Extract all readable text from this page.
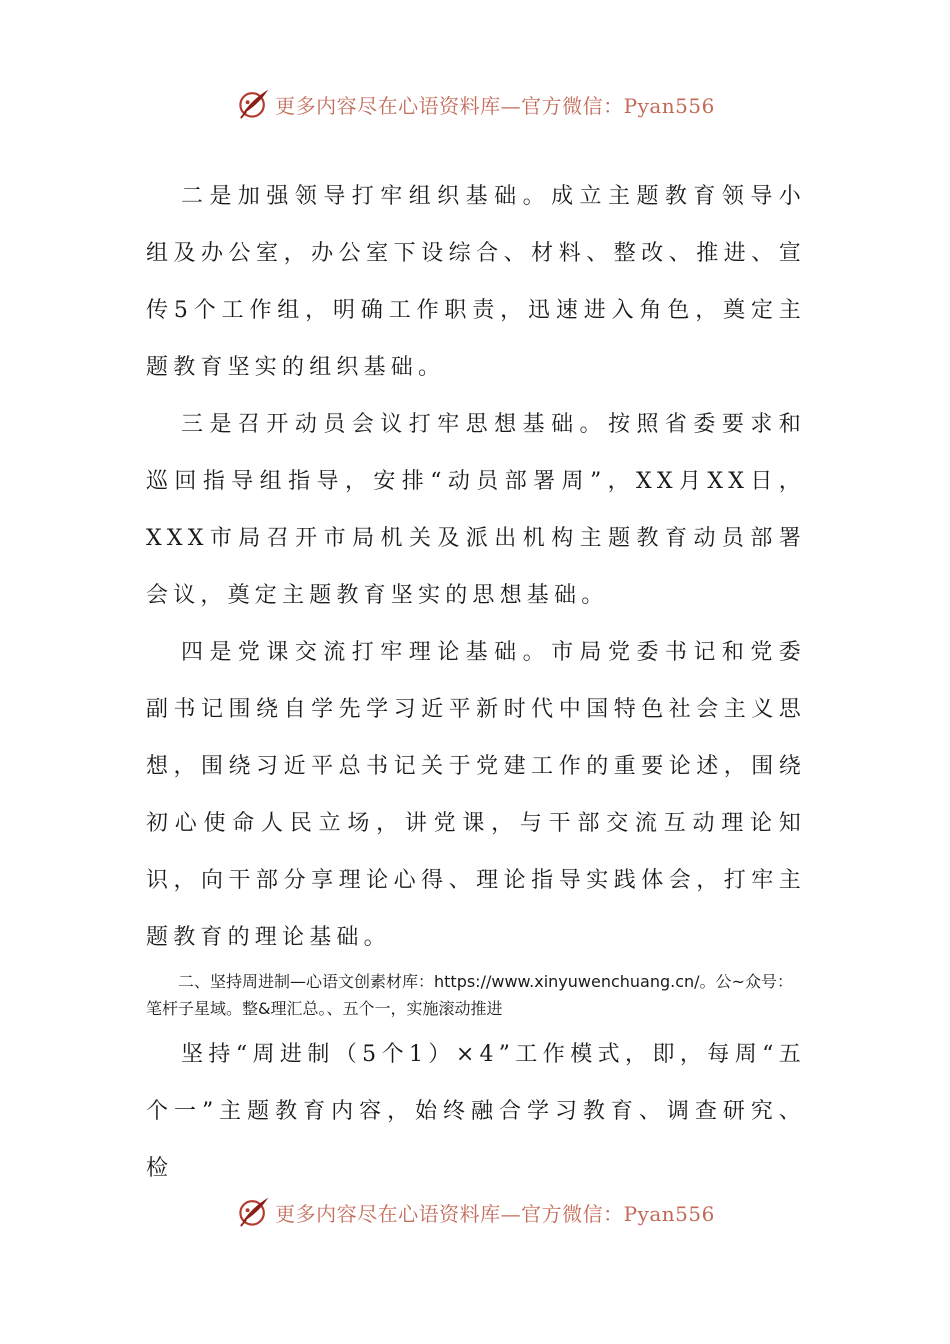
更多内容尽在心语资料库—官方微信：Pyan556

二是加强领导打牢组织基础。成立主题教育领导小组及办公室，办公室下设综合、材料、整改、推进、宣传5个工作组，明确工作职责，迅速进入角色，奠定主题教育坚实的组织基础。

三是召开动员会议打牢思想基础。按照省委要求和巡回指导组指导，安排“动员部署周”，XX月XX日，XXX市局召开市局机关及派出机构主题教育动员部署会议，奠定主题教育坚实的思想基础。

四是党课交流打牢理论基础。市局党委书记和党委副书记围绕自学先学习近平新时代中国特色社会主义思想，围绕习近平总书记关于党建工作的重要论述，围绕初心使命人民立场，讲党课，与干部交流互动理论知识，向干部分享理论心得、理论指导实践体会，打牢主题教育的理论基础。

二、坚持周进制—心语文创素材库：https://www.xinyuwenchuang.cn/。公~众号：笔杆子星域。整&理汇总。、五个一，实施滚动推进

坚持“周进制（5个1）×4”工作模式，即，每周“五个一”主题教育内容，始终融合学习教育、调查研究、检

更多内容尽在心语资料库—官方微信：Pyan556
